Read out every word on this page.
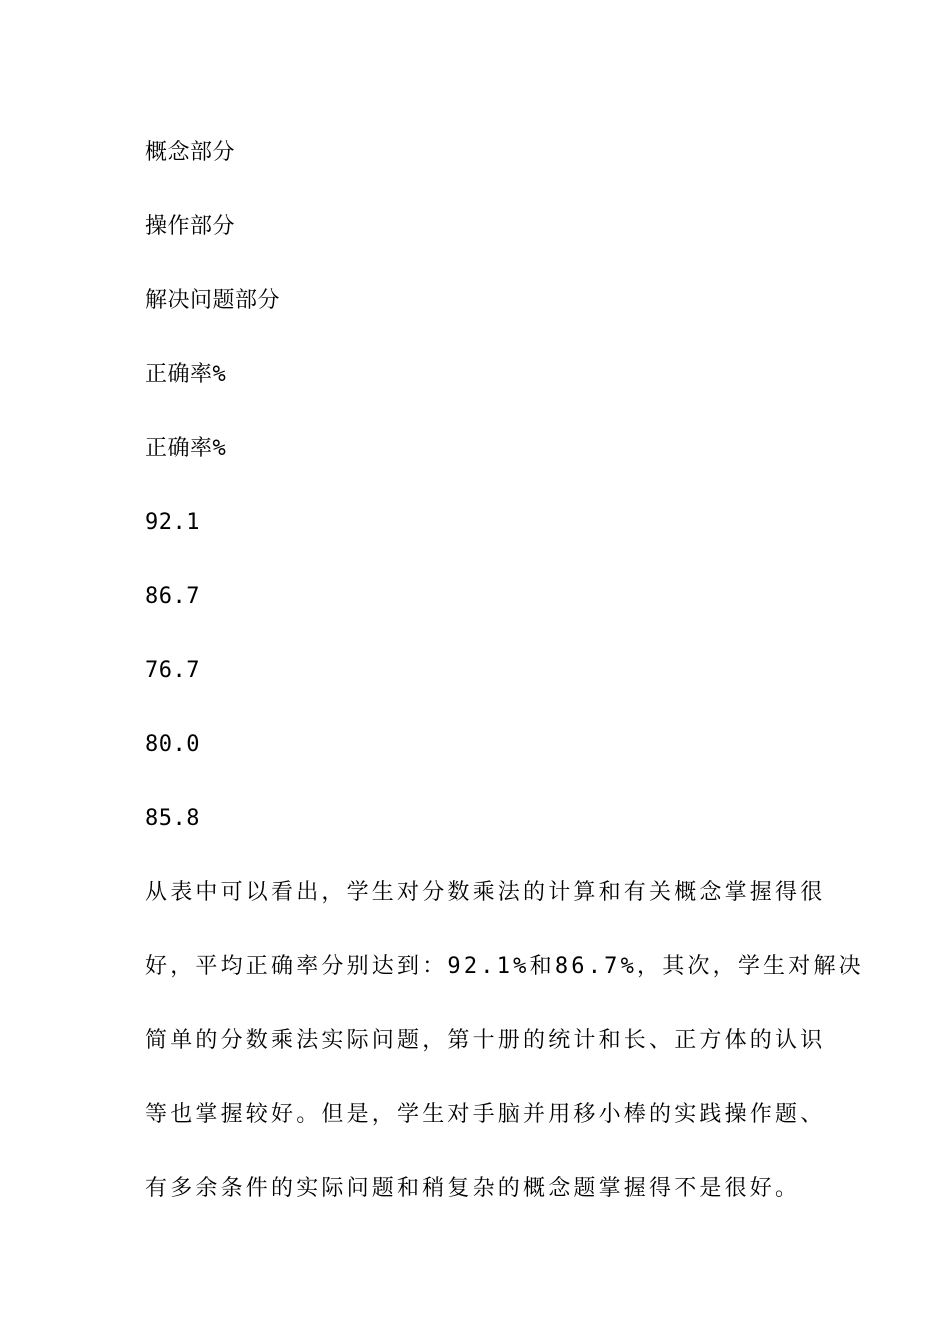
概念部分
操作部分
解决问题部分
正确率%
正确率%
92.1
86.7
76.7
80.0
85.8
从表中可以看出，学生对分数乘法的计算和有关概念掌握得很
好，平均正确率分别达到：92.1%和86.7%，其次，学生对解决
简单的分数乘法实际问题，第十册的统计和长、正方体的认识
等也掌握较好。但是，学生对手脑并用移小棒的实践操作题、
有多余条件的实际问题和稍复杂的概念题掌握得不是很好。
